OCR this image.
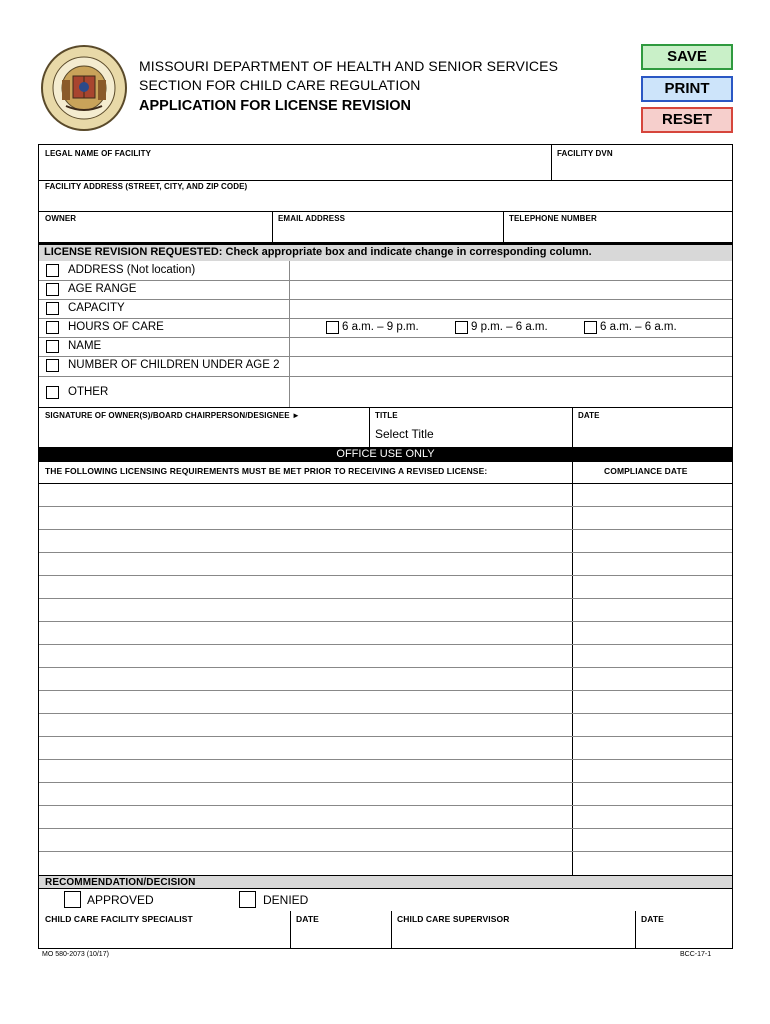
MISSOURI DEPARTMENT OF HEALTH AND SENIOR SERVICES
SECTION FOR CHILD CARE REGULATION
APPLICATION FOR LICENSE REVISION
SAVE
PRINT
RESET
LEGAL NAME OF FACILITY	FACILITY DVN
FACILITY ADDRESS (STREET, CITY, AND ZIP CODE)
OWNER	EMAIL ADDRESS	TELEPHONE NUMBER
LICENSE REVISION REQUESTED: Check appropriate box and indicate change in corresponding column.
ADDRESS (Not location)
AGE RANGE
CAPACITY
HOURS OF CARE	6 a.m. – 9 p.m.	9 p.m. – 6 a.m.	6 a.m. – 6 a.m.
NAME
NUMBER OF CHILDREN UNDER AGE 2
OTHER
SIGNATURE OF OWNER(S)/BOARD CHAIRPERSON/DESIGNEE ►	TITLE
Select Title
DATE
OFFICE USE ONLY
THE FOLLOWING LICENSING REQUIREMENTS MUST BE MET PRIOR TO RECEIVING A REVISED LICENSE:	COMPLIANCE DATE
RECOMMENDATION/DECISION
APPROVED	DENIED
CHILD CARE FACILITY SPECIALIST	DATE	CHILD CARE SUPERVISOR	DATE
MO 580-2073 (10/17)	BCC-17-1
